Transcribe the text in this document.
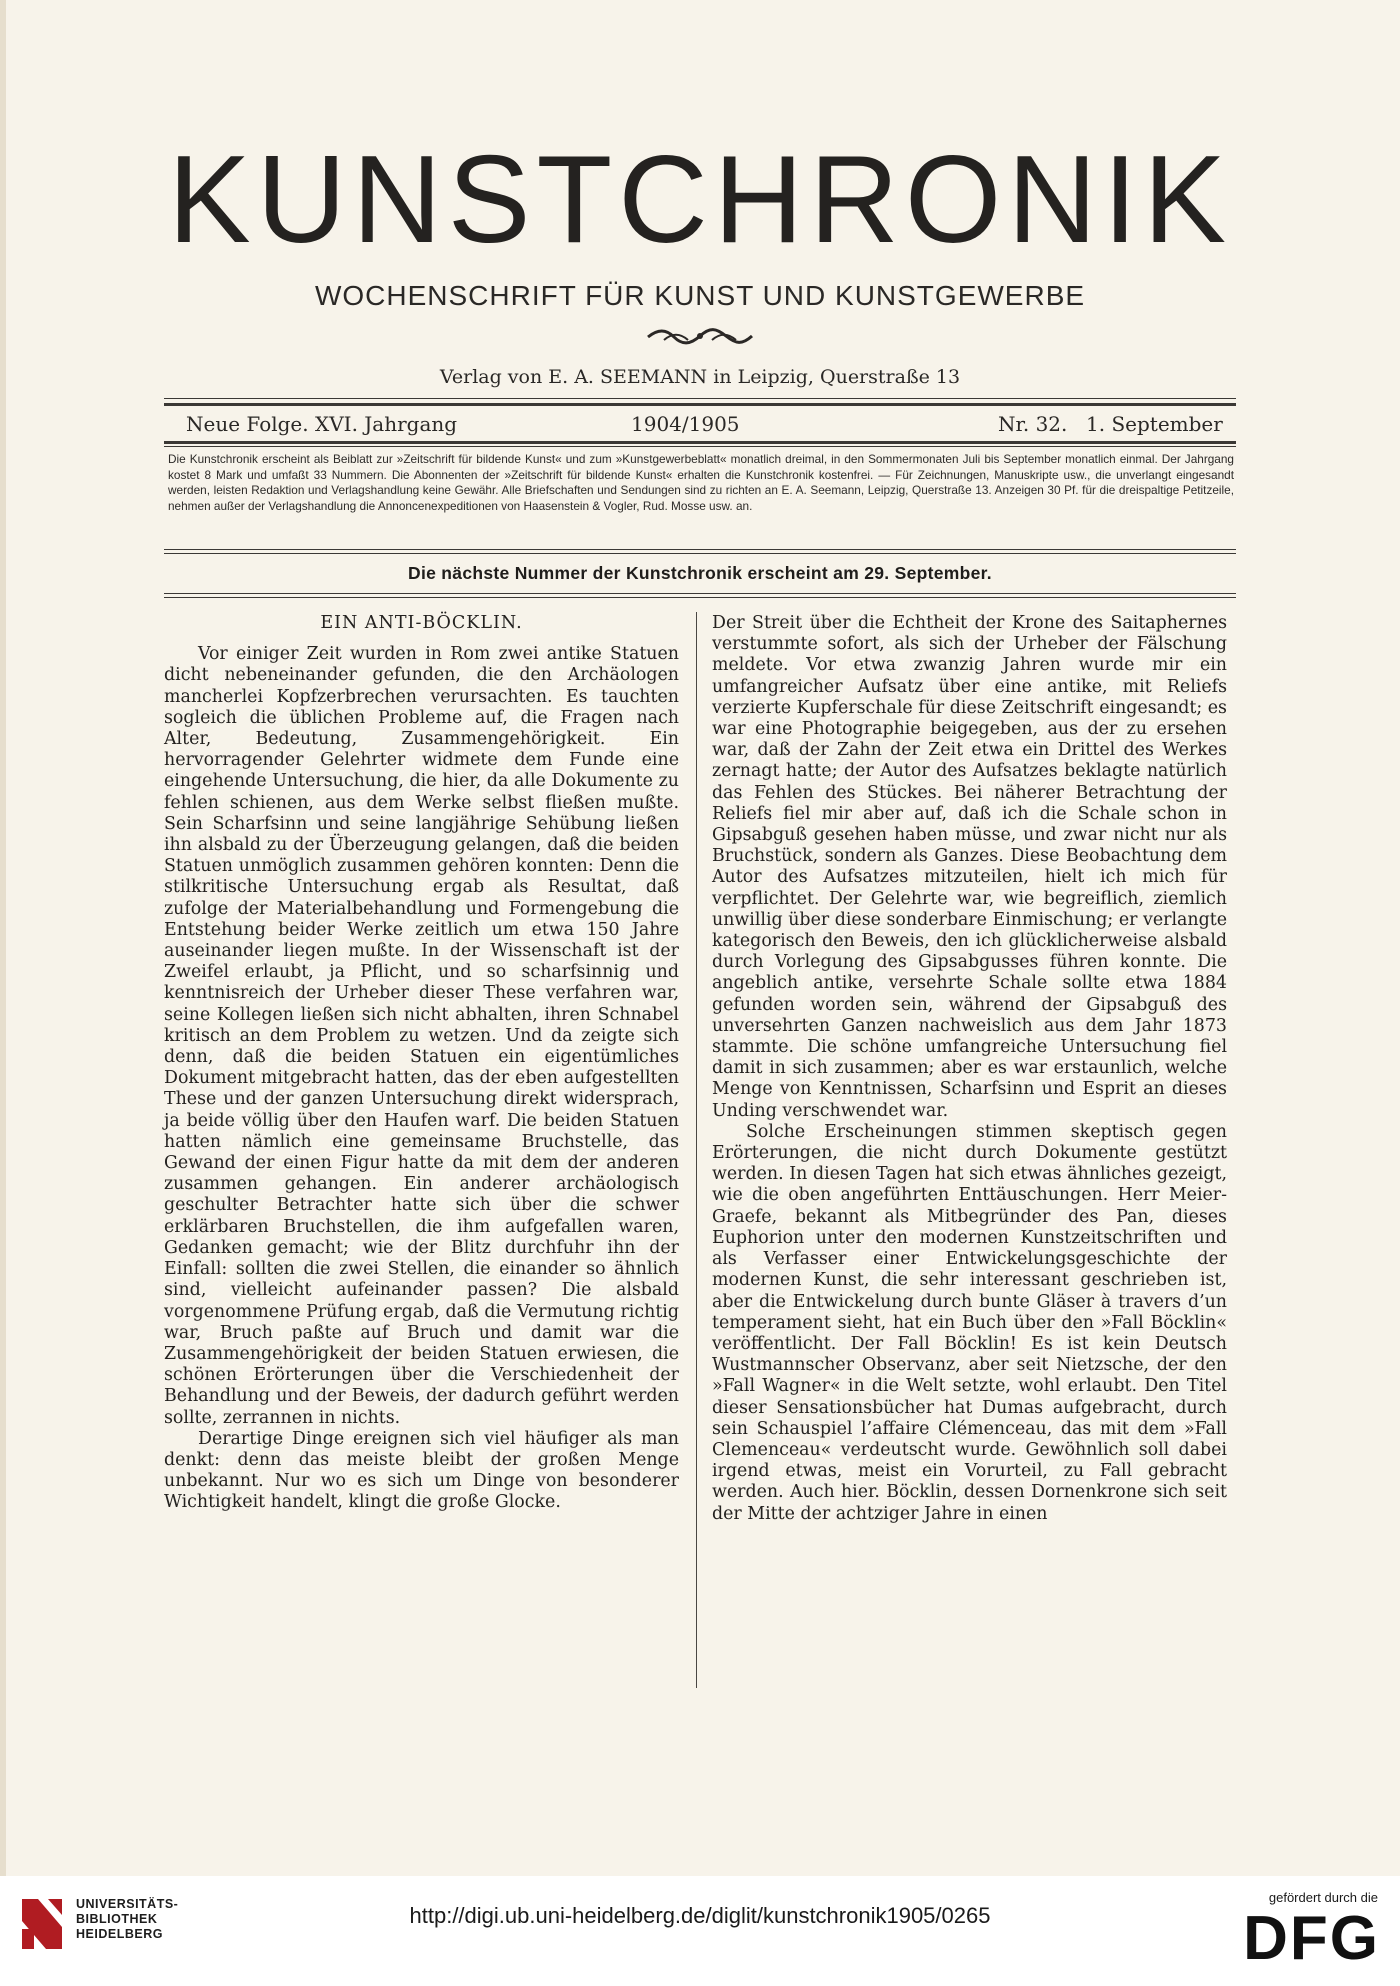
KUNSTCHRONIK
WOCHENSCHRIFT FÜR KUNST UND KUNSTGEWERBE
Verlag von E. A. SEEMANN in Leipzig, Querstraße 13
Neue Folge. XVI. Jahrgang	1904/1905	Nr. 32. 1. September
Die Kunstchronik erscheint als Beiblatt zur »Zeitschrift für bildende Kunst« und zum »Kunstgewerbeblatt« monatlich dreimal, in den Sommermonaten Juli bis September monatlich einmal. Der Jahrgang kostet 8 Mark und umfaßt 33 Nummern. Die Abonnenten der »Zeitschrift für bildende Kunst« erhalten die Kunstchronik kostenfrei. — Für Zeichnungen, Manuskripte usw., die unverlangt eingesandt werden, leisten Redaktion und Verlagshandlung keine Gewähr. Alle Briefschaften und Sendungen sind zu richten an E. A. Seemann, Leipzig, Querstraße 13. Anzeigen 30 Pf. für die dreispaltige Petitzeile, nehmen außer der Verlagshandlung die Annoncenexpeditionen von Haasenstein & Vogler, Rud. Mosse usw. an.
Die nächste Nummer der Kunstchronik erscheint am 29. September.
EIN ANTI-BÖCKLIN.

Vor einiger Zeit wurden in Rom zwei antike Statuen dicht nebeneinander gefunden, die den Archäologen mancherlei Kopfzerbrechen verursachten. Es tauchten sogleich die üblichen Probleme auf, die Fragen nach Alter, Bedeutung, Zusammengehörigkeit. Ein hervorragender Gelehrter widmete dem Funde eine eingehende Untersuchung, die hier, da alle Dokumente zu fehlen schienen, aus dem Werke selbst fließen mußte. Sein Scharfsinn und seine langjährige Sehübung ließen ihn alsbald zu der Überzeugung gelangen, daß die beiden Statuen unmöglich zusammen gehören konnten: Denn die stilkritische Untersuchung ergab als Resultat, daß zufolge der Materialbehandlung und Formengebung die Entstehung beider Werke zeitlich um etwa 150 Jahre auseinander liegen mußte. In der Wissenschaft ist der Zweifel erlaubt, ja Pflicht, und so scharfsinnig und kenntnisreich der Urheber dieser These verfahren war, seine Kollegen ließen sich nicht abhalten, ihren Schnabel kritisch an dem Problem zu wetzen. Und da zeigte sich denn, daß die beiden Statuen ein eigentümliches Dokument mitgebracht hatten, das der eben aufgestellten These und der ganzen Untersuchung direkt widersprach, ja beide völlig über den Haufen warf. Die beiden Statuen hatten nämlich eine gemeinsame Bruchstelle, das Gewand der einen Figur hatte da mit dem der anderen zusammen gehangen. Ein anderer archäologisch geschulter Betrachter hatte sich über die schwer erklärbaren Bruchstellen, die ihm aufgefallen waren, Gedanken gemacht; wie der Blitz durchfuhr ihn der Einfall: sollten die zwei Stellen, die einander so ähnlich sind, vielleicht aufeinander passen? Die alsbald vorgenommene Prüfung ergab, daß die Vermutung richtig war, Bruch paßte auf Bruch und damit war die Zusammengehörigkeit der beiden Statuen erwiesen, die schönen Erörterungen über die Verschiedenheit der Behandlung und der Beweis, der dadurch geführt werden sollte, zerrannen in nichts.

Derartige Dinge ereignen sich viel häufiger als man denkt: denn das meiste bleibt der großen Menge unbekannt. Nur wo es sich um Dinge von besonderer Wichtigkeit handelt, klingt die große Glocke.

Der Streit über die Echtheit der Krone des Saitaphernes verstummte sofort, als sich der Urheber der Fälschung meldete. Vor etwa zwanzig Jahren wurde mir ein umfangreicher Aufsatz über eine antike, mit Reliefs verzierte Kupferschale für diese Zeitschrift eingesandt; es war eine Photographie beigegeben, aus der zu ersehen war, daß der Zahn der Zeit etwa ein Drittel des Werkes zernagt hatte; der Autor des Aufsatzes beklagte natürlich das Fehlen des Stückes. Bei näherer Betrachtung der Reliefs fiel mir aber auf, daß ich die Schale schon in Gipsabguß gesehen haben müsse, und zwar nicht nur als Bruchstück, sondern als Ganzes. Diese Beobachtung dem Autor des Aufsatzes mitzuteilen, hielt ich mich für verpflichtet. Der Gelehrte war, wie begreiflich, ziemlich unwillig über diese sonderbare Einmischung; er verlangte kategorisch den Beweis, den ich glücklicherweise alsbald durch Vorlegung des Gipsabgusses führen konnte. Die angeblich antike, versehrte Schale sollte etwa 1884 gefunden worden sein, während der Gipsabguß des unversehrten Ganzen nachweislich aus dem Jahr 1873 stammte. Die schöne umfangreiche Untersuchung fiel damit in sich zusammen; aber es war erstaunlich, welche Menge von Kenntnissen, Scharfsinn und Esprit an dieses Unding verschwendet war.

Solche Erscheinungen stimmen skeptisch gegen Erörterungen, die nicht durch Dokumente gestützt werden. In diesen Tagen hat sich etwas ähnliches gezeigt, wie die oben angeführten Enttäuschungen. Herr Meier-Graefe, bekannt als Mitbegründer des Pan, dieses Euphorion unter den modernen Kunstzeitschriften und als Verfasser einer Entwickelungsgeschichte der modernen Kunst, die sehr interessant geschrieben ist, aber die Entwickelung durch bunte Gläser à travers d’un temperament sieht, hat ein Buch über den »Fall Böcklin« veröffentlicht. Der Fall Böcklin! Es ist kein Deutsch Wustmannscher Observanz, aber seit Nietzsche, der den »Fall Wagner« in die Welt setzte, wohl erlaubt. Den Titel dieser Sensationsbücher hat Dumas aufgebracht, durch sein Schauspiel l’affaire Clémenceau, das mit dem »Fall Clemenceau« verdeutscht wurde. Gewöhnlich soll dabei irgend etwas, meist ein Vorurteil, zu Fall gebracht werden. Auch hier. Böcklin, dessen Dornenkrone sich seit der Mitte der achtziger Jahre in einen

UNIVERSITÄTS-
BIBLIOTHEK
HEIDELBERG
http://digi.ub.uni-heidelberg.de/diglit/kunstchronik1905/0265
gefördert durch die
DFG
